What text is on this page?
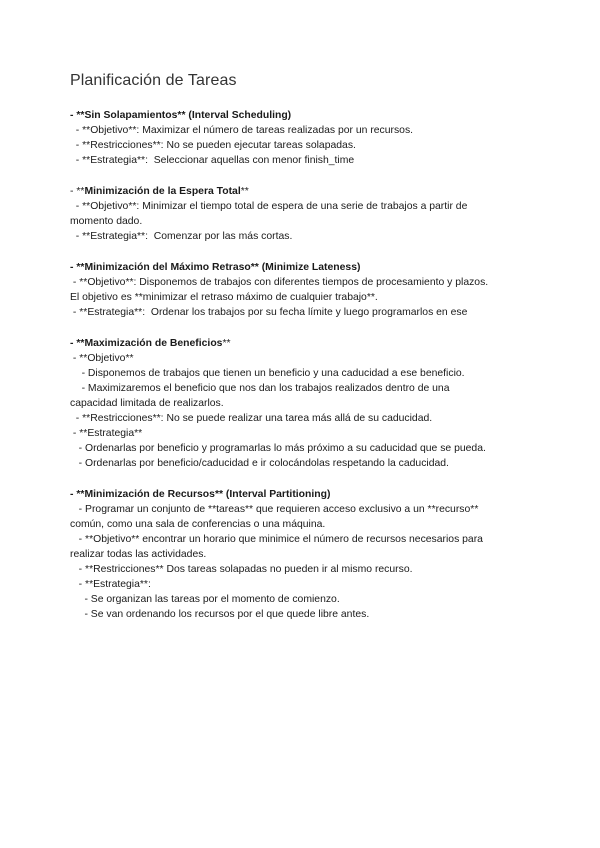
Planificación de Tareas
- **Sin Solapamientos** (Interval Scheduling)
- **Objetivo**: Maximizar el número de tareas realizadas por un recursos.
- **Restricciones**: No se pueden ejecutar tareas solapadas.
- **Estrategia**:  Seleccionar aquellas con menor finish_time
- **Minimización de la Espera Total**
- **Objetivo**: Minimizar el tiempo total de espera de una serie de trabajos a partir de
momento dado.
- **Estrategia**:  Comenzar por las más cortas.
- **Minimización del Máximo Retraso** (Minimize Lateness)
- **Objetivo**: Disponemos de trabajos con diferentes tiempos de procesamiento y plazos.
El objetivo es **minimizar el retraso máximo de cualquier trabajo**.
- **Estrategia**:  Ordenar los trabajos por su fecha límite y luego programarlos en ese
- **Maximización de Beneficios**
- **Objetivo**
- Disponemos de trabajos que tienen un beneficio y una caducidad a ese beneficio.
- Maximizaremos el beneficio que nos dan los trabajos realizados dentro de una
capacidad limitada de realizarlos.
- **Restricciones**: No se puede realizar una tarea más allá de su caducidad.
- **Estrategia**
- Ordenarlas por beneficio y programarlas lo más próximo a su caducidad que se pueda.
- Ordenarlas por beneficio/caducidad e ir colocándolas respetando la caducidad.
- **Minimización de Recursos** (Interval Partitioning)
- Programar un conjunto de **tareas** que requieren acceso exclusivo a un **recurso**
común, como una sala de conferencias o una máquina.
- **Objetivo** encontrar un horario que minimice el número de recursos necesarios para
realizar todas las actividades.
- **Restricciones** Dos tareas solapadas no pueden ir al mismo recurso.
- **Estrategia**:
- Se organizan las tareas por el momento de comienzo.
- Se van ordenando los recursos por el que quede libre antes.
